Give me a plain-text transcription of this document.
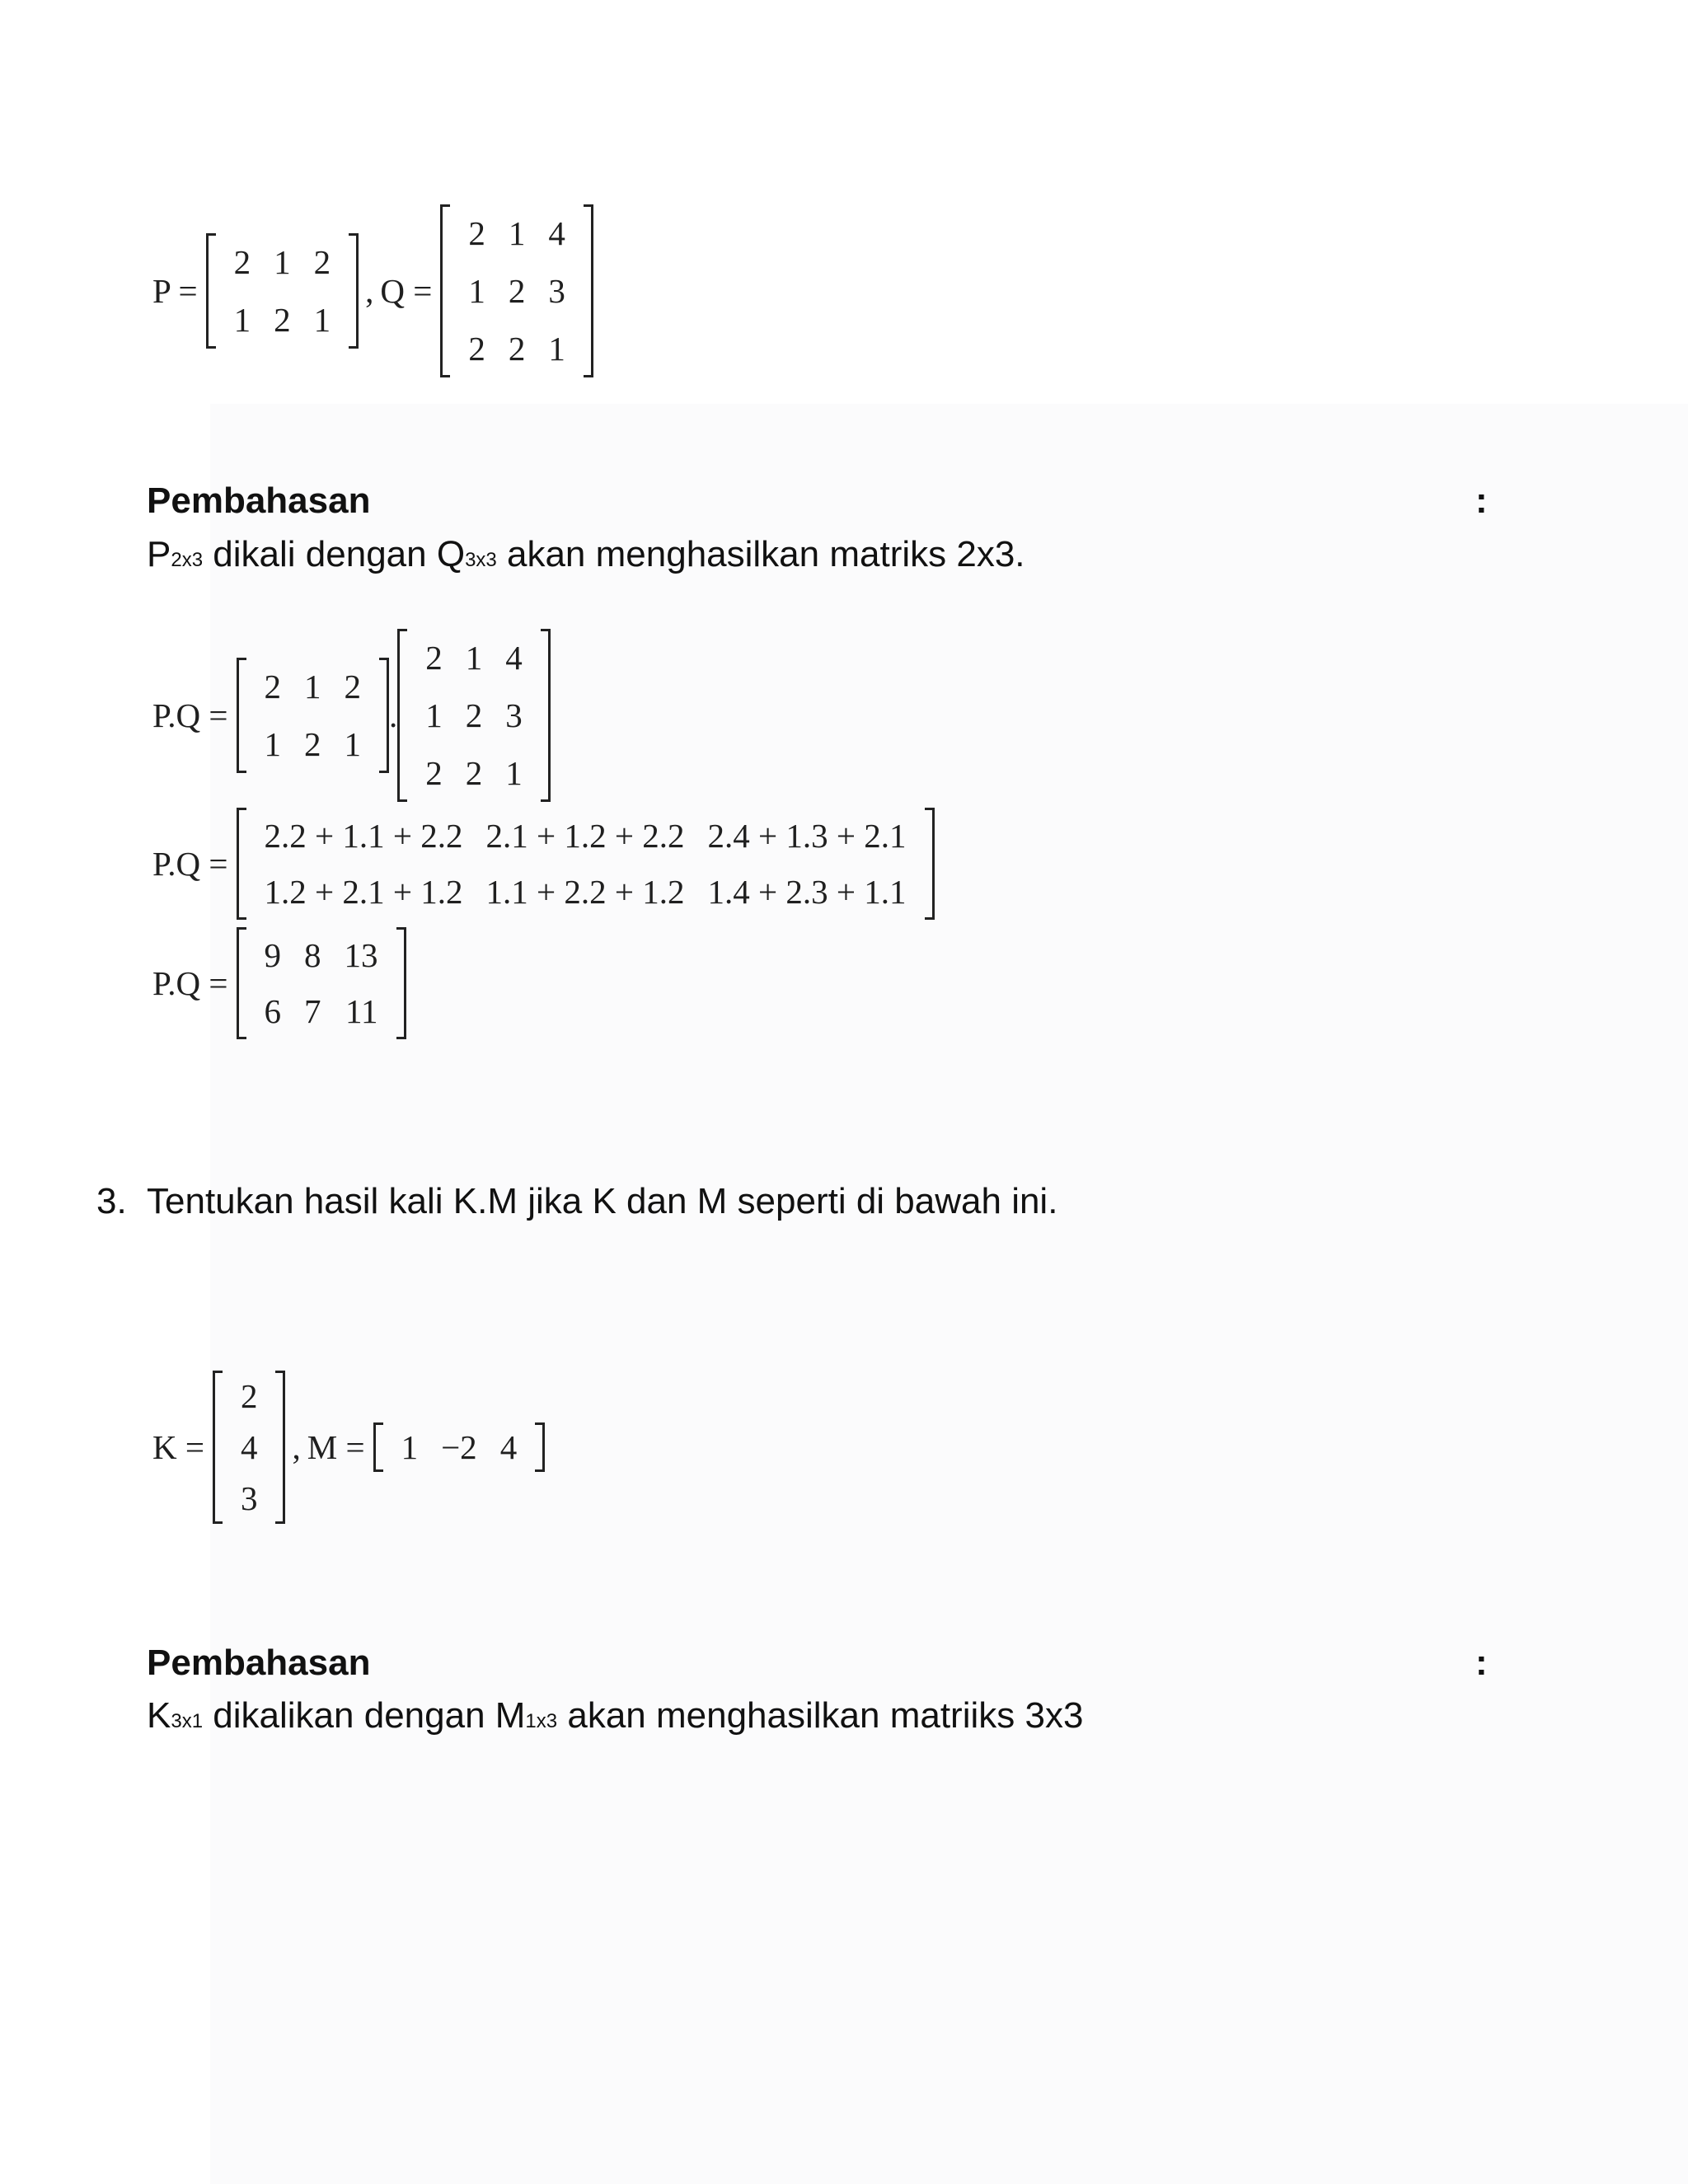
P =
2	1	2
1	2	1
, Q =
2	1	4
1	2	3
2	2	1
Pembahasan	:
P2x3 dikali dengan Q3x3 akan menghasilkan matriks 2x3.
P.Q =
2	1	2
1	2	1
.
2	1	4
1	2	3
2	2	1
P.Q =
2.2 + 1.1 + 2.2	2.1 + 1.2 + 2.2	2.4 + 1.3 + 2.1
1.2 + 2.1 + 1.2	1.1 + 2.2 + 1.2	1.4 + 2.3 + 1.1
P.Q =
9	8	13
6	7	11
3. Tentukan hasil kali K.M jika K dan M seperti di bawah ini.
K =
2
4
3
, M = 1	−2	4
Pembahasan	:
K3x1 dikalikan dengan M1x3 akan menghasilkan matriiks 3x3
